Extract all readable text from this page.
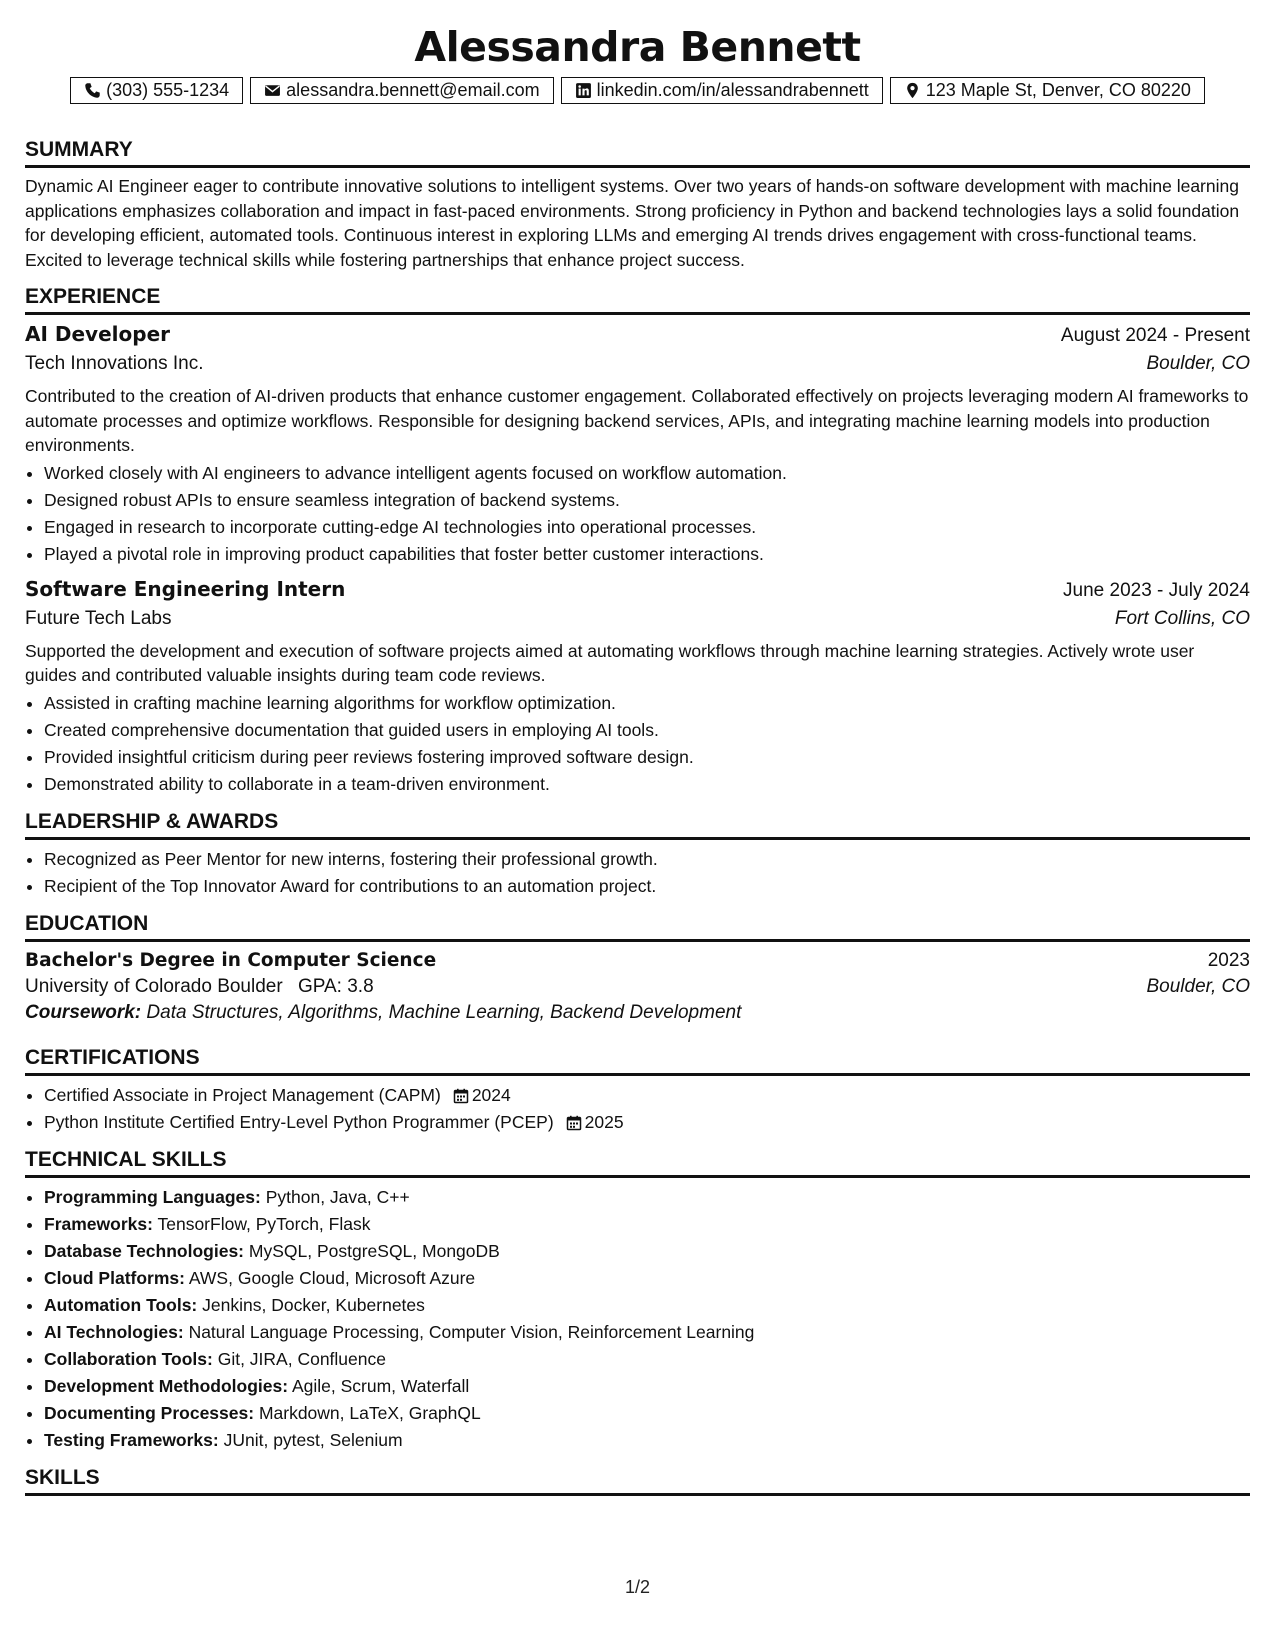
Alessandra Bennett
(303) 555-1234	alessandra.bennett@email.com	linkedin.com/in/alessandrabennett	123 Maple St, Denver, CO 80220
SUMMARY

Dynamic AI Engineer eager to contribute innovative solutions to intelligent systems. Over two years of hands-on software development with machine learning applications emphasizes collaboration and impact in fast-paced environments. Strong proficiency in Python and backend technologies lays a solid foundation for developing efficient, automated tools. Continuous interest in exploring LLMs and emerging AI trends drives engagement with cross-functional teams. Excited to leverage technical skills while fostering partnerships that enhance project success.

EXPERIENCE
AI Developer	August 2024 - Present
Tech Innovations Inc.	Boulder, CO

Contributed to the creation of AI-driven products that enhance customer engagement. Collaborated effectively on projects leveraging modern AI frameworks to automate processes and optimize workflows. Responsible for designing backend services, APIs, and integrating machine learning models into production environments.

• Worked closely with AI engineers to advance intelligent agents focused on workflow automation.
• Designed robust APIs to ensure seamless integration of backend systems.
• Engaged in research to incorporate cutting-edge AI technologies into operational processes.
• Played a pivotal role in improving product capabilities that foster better customer interactions.
Software Engineering Intern	June 2023 - July 2024
Future Tech Labs	Fort Collins, CO

Supported the development and execution of software projects aimed at automating workflows through machine learning strategies. Actively wrote user guides and contributed valuable insights during team code reviews.

• Assisted in crafting machine learning algorithms for workflow optimization.
• Created comprehensive documentation that guided users in employing AI tools.
• Provided insightful criticism during peer reviews fostering improved software design.
• Demonstrated ability to collaborate in a team-driven environment.
LEADERSHIP & AWARDS
• Recognized as Peer Mentor for new interns, fostering their professional growth.
• Recipient of the Top Innovator Award for contributions to an automation project.
EDUCATION
Bachelor's Degree in Computer Science	2023
University of Colorado Boulder GPA: 3.8	Boulder, CO
Coursework: Data Structures, Algorithms, Machine Learning, Backend Development
CERTIFICATIONS
• Certified Associate in Project Management (CAPM) 2024
• Python Institute Certified Entry-Level Python Programmer (PCEP) 2025
TECHNICAL SKILLS
• Programming Languages: Python, Java, C++
• Frameworks: TensorFlow, PyTorch, Flask
• Database Technologies: MySQL, PostgreSQL, MongoDB
• Cloud Platforms: AWS, Google Cloud, Microsoft Azure
• Automation Tools: Jenkins, Docker, Kubernetes
• AI Technologies: Natural Language Processing, Computer Vision, Reinforcement Learning
• Collaboration Tools: Git, JIRA, Confluence
• Development Methodologies: Agile, Scrum, Waterfall
• Documenting Processes: Markdown, LaTeX, GraphQL
• Testing Frameworks: JUnit, pytest, Selenium
SKILLS
1/2
